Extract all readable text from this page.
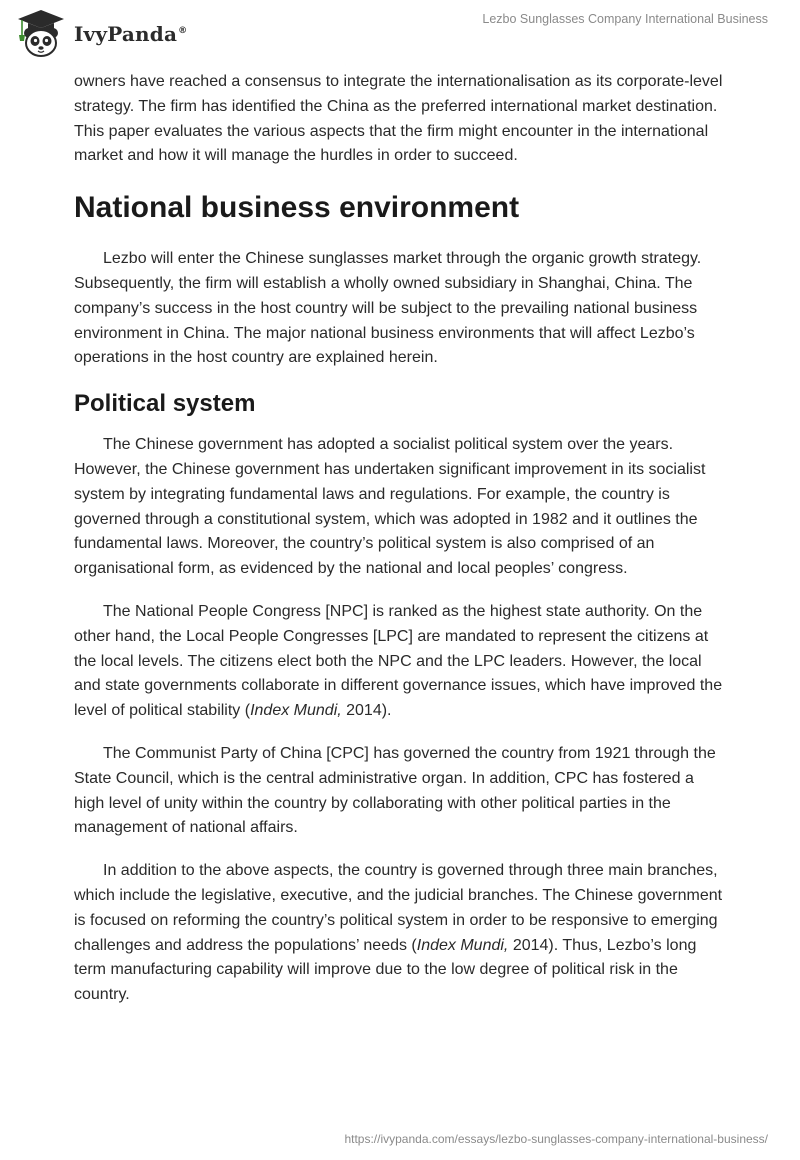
IvyPanda®
Lezbo Sunglasses Company International Business

owners have reached a consensus to integrate the internationalisation as its corporate-level strategy. The firm has identified the China as the preferred international market destination. This paper evaluates the various aspects that the firm might encounter in the international market and how it will manage the hurdles in order to succeed.

National business environment

Lezbo will enter the Chinese sunglasses market through the organic growth strategy. Subsequently, the firm will establish a wholly owned subsidiary in Shanghai, China. The company’s success in the host country will be subject to the prevailing national business environment in China. The major national business environments that will affect Lezbo’s operations in the host country are explained herein.

Political system

The Chinese government has adopted a socialist political system over the years. However, the Chinese government has undertaken significant improvement in its socialist system by integrating fundamental laws and regulations. For example, the country is governed through a constitutional system, which was adopted in 1982 and it outlines the fundamental laws. Moreover, the country’s political system is also comprised of an organisational form, as evidenced by the national and local peoples’ congress.

The National People Congress [NPC] is ranked as the highest state authority. On the other hand, the Local People Congresses [LPC] are mandated to represent the citizens at the local levels. The citizens elect both the NPC and the LPC leaders. However, the local and state governments collaborate in different governance issues, which have improved the level of political stability (Index Mundi, 2014).

The Communist Party of China [CPC] has governed the country from 1921 through the State Council, which is the central administrative organ. In addition, CPC has fostered a high level of unity within the country by collaborating with other political parties in the management of national affairs.

In addition to the above aspects, the country is governed through three main branches, which include the legislative, executive, and the judicial branches. The Chinese government is focused on reforming the country’s political system in order to be responsive to emerging challenges and address the populations’ needs (Index Mundi, 2014). Thus, Lezbo’s long term manufacturing capability will improve due to the low degree of political risk in the country.

https://ivypanda.com/essays/lezbo-sunglasses-company-international-business/
